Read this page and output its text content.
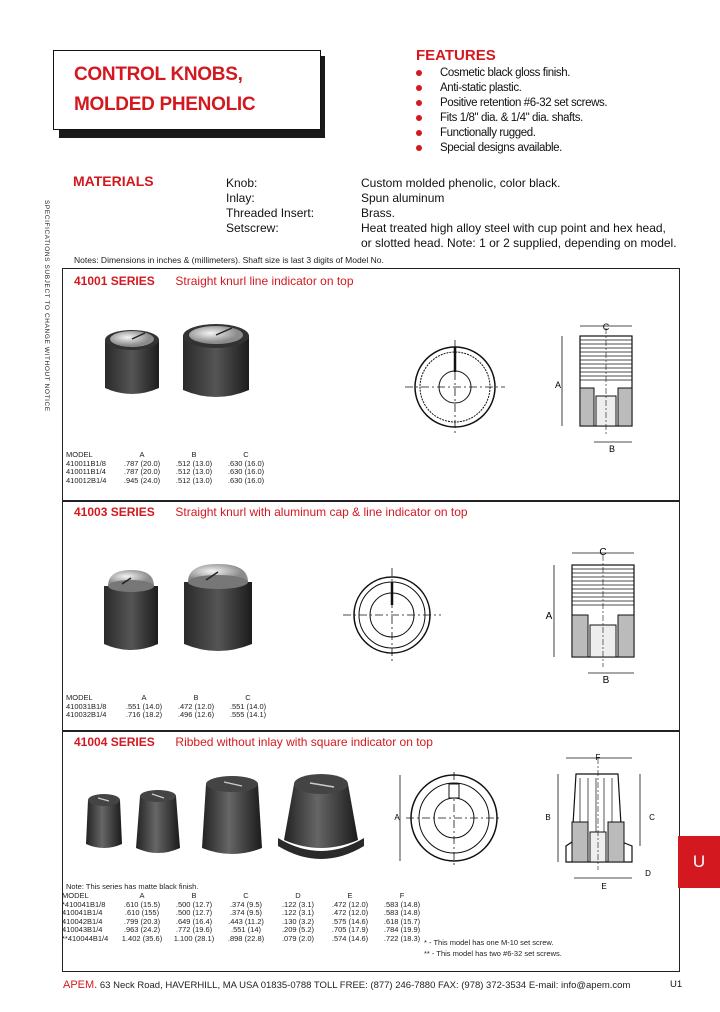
CONTROL KNOBS,
MOLDED PHENOLIC
FEATURES
Cosmetic black gloss finish.
Anti-static plastic.
Positive retention #6-32 set screws.
Fits 1/8" dia. & 1/4" dia. shafts.
Functionally rugged.
Special designs available.
MATERIALS	Knob:	Custom molded phenolic, color black.
Inlay:	Spun aluminum
Threaded Insert:	Brass.
Setscrew:	Heat treated high alloy steel with cup point and hex head,
or slotted head. Note: 1 or 2 supplied, depending on model.
Notes: Dimensions in inches & (millimeters). Shaft size is last 3 digits of Model No.
SPECIFICATIONS SUBJECT TO CHANGE WITHOUT NOTICE 41001 SERIES Straight knurl line indicator on top
C
A
B
MODEL	A	B	C
410011B1/8	.787 (20.0)	.512 (13.0)	.630 (16.0)
410011B1/4	.787 (20.0)	.512 (13.0)	.630 (16.0)
410012B1/4	.945 (24.0)	.512 (13.0)	.630 (16.0)
41003 SERIES Straight knurl with aluminum cap & line indicator on top
C
A
B
MODEL	A	B	C
410031B1/8	.551 (14.0)	.472 (12.0)	.551 (14.0)
410032B1/4	.716 (18.2)	.496 (12.6)	.555 (14.1)
41004 SERIES Ribbed without inlay with square indicator on top
A
F
B	C
D
E
Note: This series has matte black finish.
MODEL	A	B	C	D	E	F
*410041B1/8	.610 (15.5)	.500 (12.7)	.374 (9.5)	.122 (3.1)	.472 (12.0)	.583 (14.8)
410041B1/4	.610 (155)	.500 (12.7)	.374 (9.5)	.122 (3.1)	.472 (12.0)	.583 (14.8)
410042B1/4	.799 (20.3)	.649 (16.4)	.443 (11.2)	.130 (3.2)	.575 (14.6)	.618 (15.7)
410043B1/4	.963 (24.2)	.772 (19.6)	.551 (14)	.209 (5.2)	.705 (17.9)	.784 (19.9)
**410044B1/4	1.402 (35.6)	1.100 (28.1)	.898 (22.8)	.079 (2.0)	.574 (14.6)	.722 (18.3) * - This model has one M-10 set screw.
** - This model has two #6-32 set screws.
U
APEM. 63 Neck Road, HAVERHILL, MA USA 01835-0788 TOLL FREE: (877) 246-7880 FAX: (978) 372-3534 E-mail: info@apem.com	U1
